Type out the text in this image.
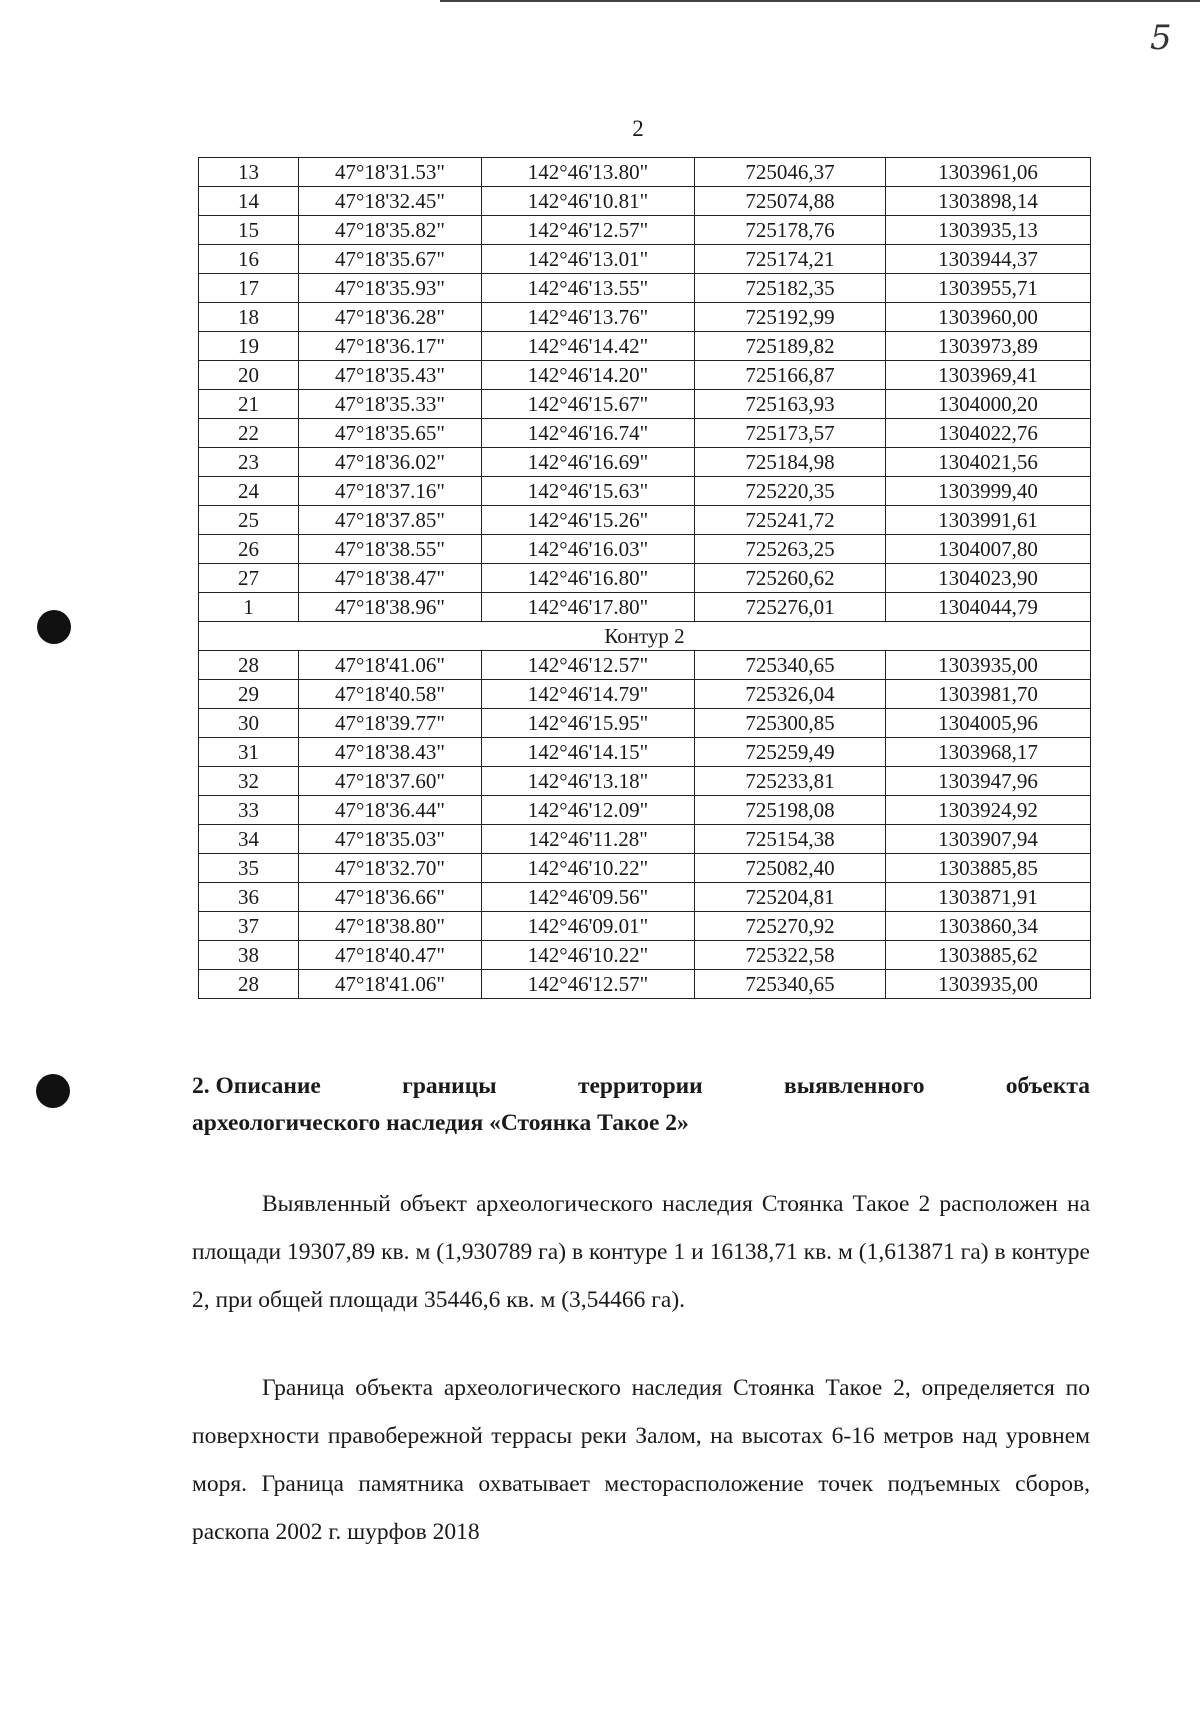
5
2
13	47°18'31.53"	142°46'13.80"	725046,37	1303961,06
14	47°18'32.45"	142°46'10.81"	725074,88	1303898,14
15	47°18'35.82"	142°46'12.57"	725178,76	1303935,13
16	47°18'35.67"	142°46'13.01"	725174,21	1303944,37
17	47°18'35.93"	142°46'13.55"	725182,35	1303955,71
18	47°18'36.28"	142°46'13.76"	725192,99	1303960,00
19	47°18'36.17"	142°46'14.42"	725189,82	1303973,89
20	47°18'35.43"	142°46'14.20"	725166,87	1303969,41
21	47°18'35.33"	142°46'15.67"	725163,93	1304000,20
22	47°18'35.65"	142°46'16.74"	725173,57	1304022,76
23	47°18'36.02"	142°46'16.69"	725184,98	1304021,56
24	47°18'37.16"	142°46'15.63"	725220,35	1303999,40
25	47°18'37.85"	142°46'15.26"	725241,72	1303991,61
26	47°18'38.55"	142°46'16.03"	725263,25	1304007,80
27	47°18'38.47"	142°46'16.80"	725260,62	1304023,90
1	47°18'38.96"	142°46'17.80"	725276,01	1304044,79
Контур 2				
28	47°18'41.06"	142°46'12.57"	725340,65	1303935,00
29	47°18'40.58"	142°46'14.79"	725326,04	1303981,70
30	47°18'39.77"	142°46'15.95"	725300,85	1304005,96
31	47°18'38.43"	142°46'14.15"	725259,49	1303968,17
32	47°18'37.60"	142°46'13.18"	725233,81	1303947,96
33	47°18'36.44"	142°46'12.09"	725198,08	1303924,92
34	47°18'35.03"	142°46'11.28"	725154,38	1303907,94
35	47°18'32.70"	142°46'10.22"	725082,40	1303885,85
36	47°18'36.66"	142°46'09.56"	725204,81	1303871,91
37	47°18'38.80"	142°46'09.01"	725270,92	1303860,34
38	47°18'40.47"	142°46'10.22"	725322,58	1303885,62
28	47°18'41.06"	142°46'12.57"	725340,65	1303935,00
2. Описание	границы	территории	выявленного	объекта
археологического наследия «Стоянка Такое 2»

Выявленный объект археологического наследия Стоянка Такое 2 расположен на площади 19307,89 кв. м (1,930789 га) в контуре 1 и 16138,71 кв. м (1,613871 га) в контуре 2, при общей площади 35446,6 кв. м (3,54466 га).

Граница объекта археологического наследия Стоянка Такое 2, определяется по поверхности правобережной террасы реки Залом, на высотах 6-16 метров над уровнем моря. Граница памятника охватывает месторасположение точек подъемных сборов, раскопа 2002 г. шурфов 2018
